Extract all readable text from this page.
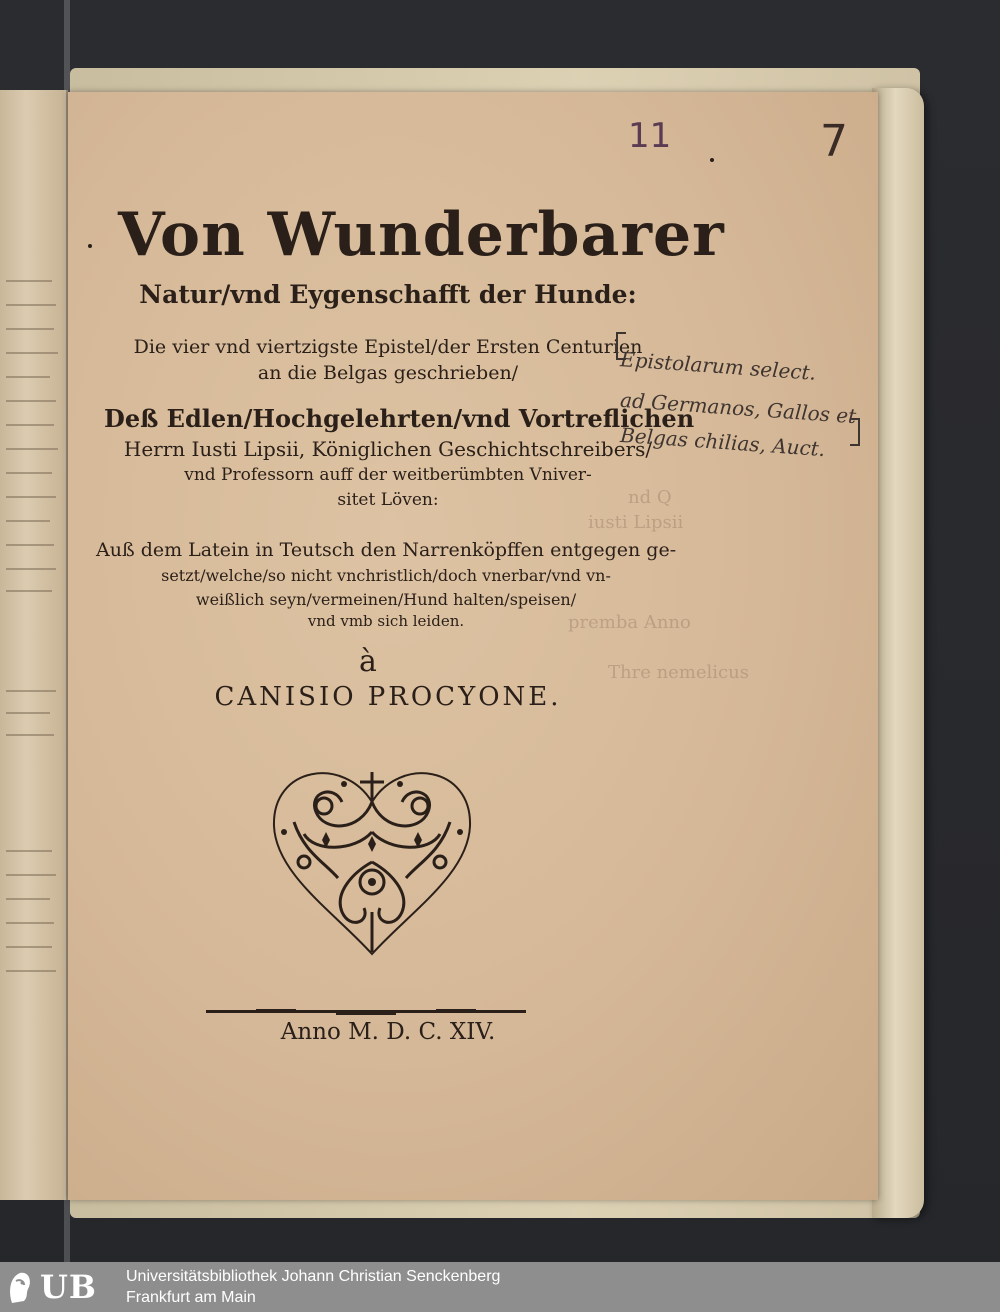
nd Q
iusti Lipsii
premba Anno
Thre nemelicus

11	7

Von Wunderbarer

Natur/vnd Eygenschafft der Hunde:

Die vier vnd viertzigste Epistel/der Ersten Centurien

an die Belgas geschrieben/

Deß Edlen/Hochgelehrten/vnd Vortreflichen

Herrn Iusti Lipsii, Königlichen Geschichtschreibers/

vnd Professorn auff der weitberümbten Vniver-

sitet Löven:

Auß dem Latein in Teutsch den Narrenköpffen entgegen ge-

setzt/welche/so nicht vnchristlich/doch vnerbar/vnd vn-

weißlich seyn/vermeinen/Hund halten/speisen/

vnd vmb sich leiden.

à

CANISIO PROCYONE.

Epistolarum select.

ad Germanos, Gallos et

Belgas chilias, Auct.

Anno M. D. C. XIV.

UB Universitätsbibliothek Johann Christian Senckenberg
Frankfurt am Main
